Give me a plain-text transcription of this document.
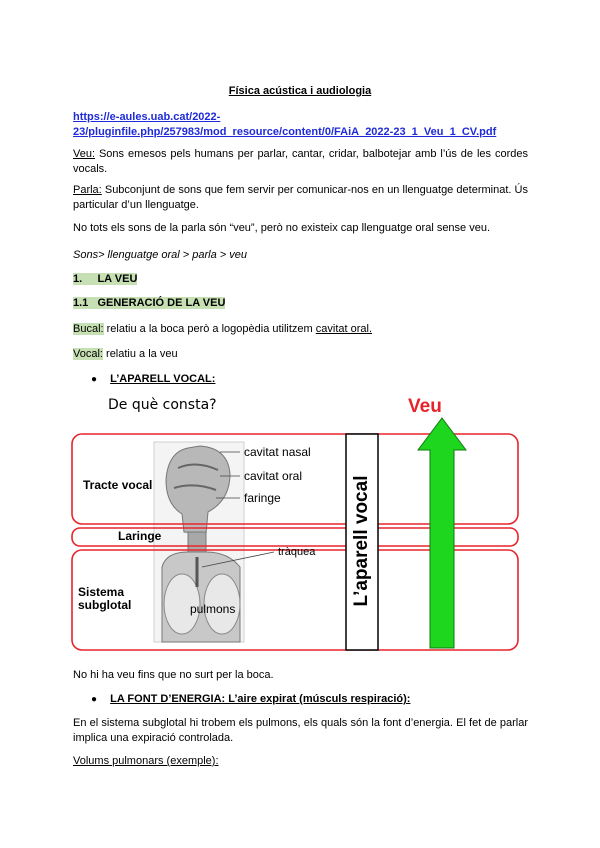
Física acústica i audiologia
https://e-aules.uab.cat/2022-23/pluginfile.php/257983/mod_resource/content/0/FAiA_2022-23_1_Veu_1_CV.pdf
Veu: Sons emesos pels humans per parlar, cantar, cridar, balbotejar amb l’ús de les cordes vocals.
Parla: Subconjunt de sons que fem servir per comunicar-nos en un llenguatge determinat. Ús particular d’un llenguatge.
No tots els sons de la parla són “veu”, però no existeix cap llenguatge oral sense veu.
Sons> llenguatge oral > parla > veu
1.     LA VEU
1.1   GENERACIÓ DE LA VEU
Bucal: relatiu a la boca però a logopèdia utilitzem cavitat oral.
Vocal: relatiu a la veu
● L’APARELL VOCAL:
De què consta?	Veu
Tracte vocal
Laringe
Sistema
subglotal
cavitat nasal
cavitat oral
faringe
tràquea
pulmons
L’aparell vocal
No hi ha veu fins que no surt per la boca.
● LA FONT D’ENERGIA: L’aire expirat (músculs respiració):
En el sistema subglotal hi trobem els pulmons, els quals són la font d’energia. El fet de parlar implica una expiració controlada.
Volums pulmonars (exemple):
